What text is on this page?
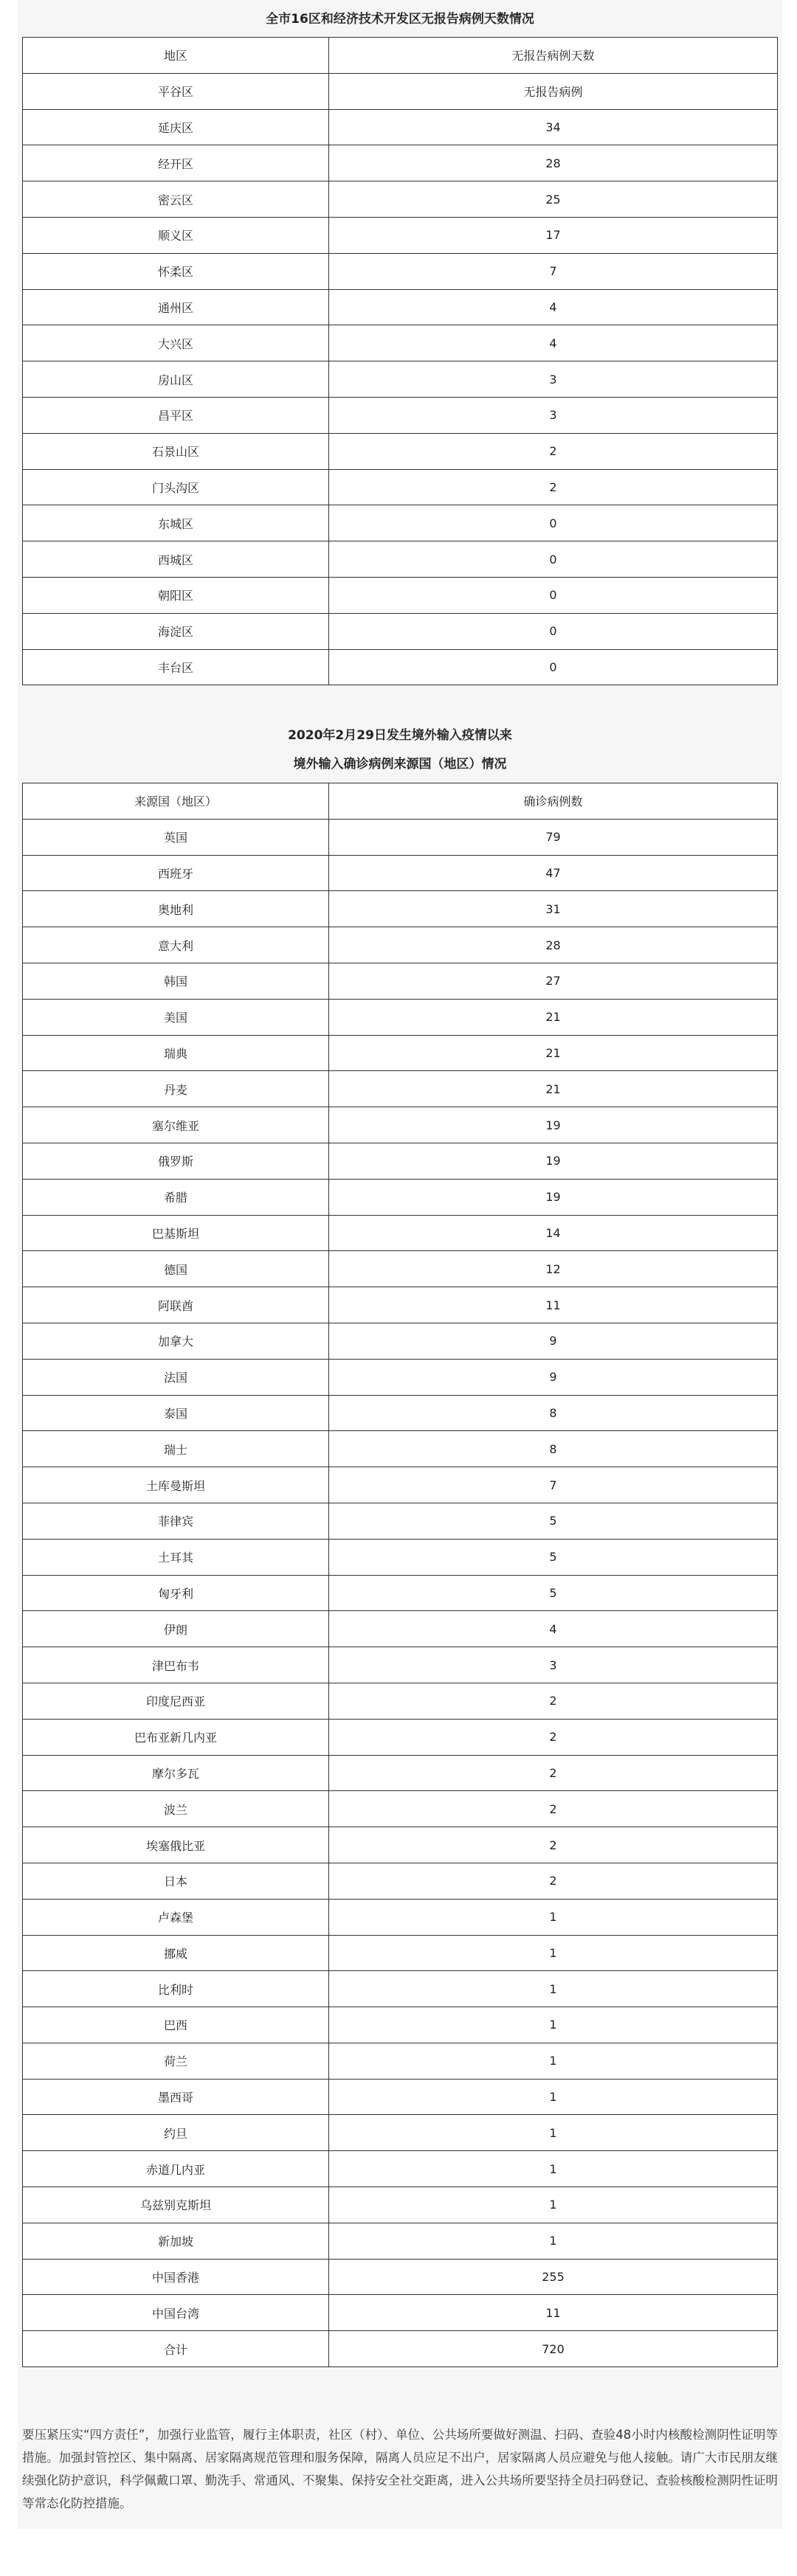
全市16区和经济技术开发区无报告病例天数情况
地区	无报告病例天数
平谷区	无报告病例
延庆区	34
经开区	28
密云区	25
顺义区	17
怀柔区	7
通州区	4
大兴区	4
房山区	3
昌平区	3
石景山区	2
门头沟区	2
东城区	0
西城区	0
朝阳区	0
海淀区	0
丰台区	0
2020年2月29日发生境外输入疫情以来
境外输入确诊病例来源国（地区）情况
来源国（地区）	确诊病例数
英国	79
西班牙	47
奥地利	31
意大利	28
韩国	27
美国	21
瑞典	21
丹麦	21
塞尔维亚	19
俄罗斯	19
希腊	19
巴基斯坦	14
德国	12
阿联酋	11
加拿大	9
法国	9
泰国	8
瑞士	8
土库曼斯坦	7
菲律宾	5
土耳其	5
匈牙利	5
伊朗	4
津巴布韦	3
印度尼西亚	2
巴布亚新几内亚	2
摩尔多瓦	2
波兰	2
埃塞俄比亚	2
日本	2
卢森堡	1
挪威	1
比利时	1
巴西	1
荷兰	1
墨西哥	1
约旦	1
赤道几内亚	1
乌兹别克斯坦	1
新加坡	1
中国香港	255
中国台湾	11
合计	720
要压紧压实“四方责任”，加强行业监管，履行主体职责，社区（村）、单位、公共场所要做好测温、扫码、查验48小时内核酸检测阴性证明等措施。加强封管控区、集中隔离、居家隔离规范管理和服务保障，隔离人员应足不出户，居家隔离人员应避免与他人接触。请广大市民朋友继续强化防护意识，科学佩戴口罩、勤洗手、常通风、不聚集、保持安全社交距离，进入公共场所要坚持全员扫码登记、查验核酸检测阴性证明等常态化防控措施。
